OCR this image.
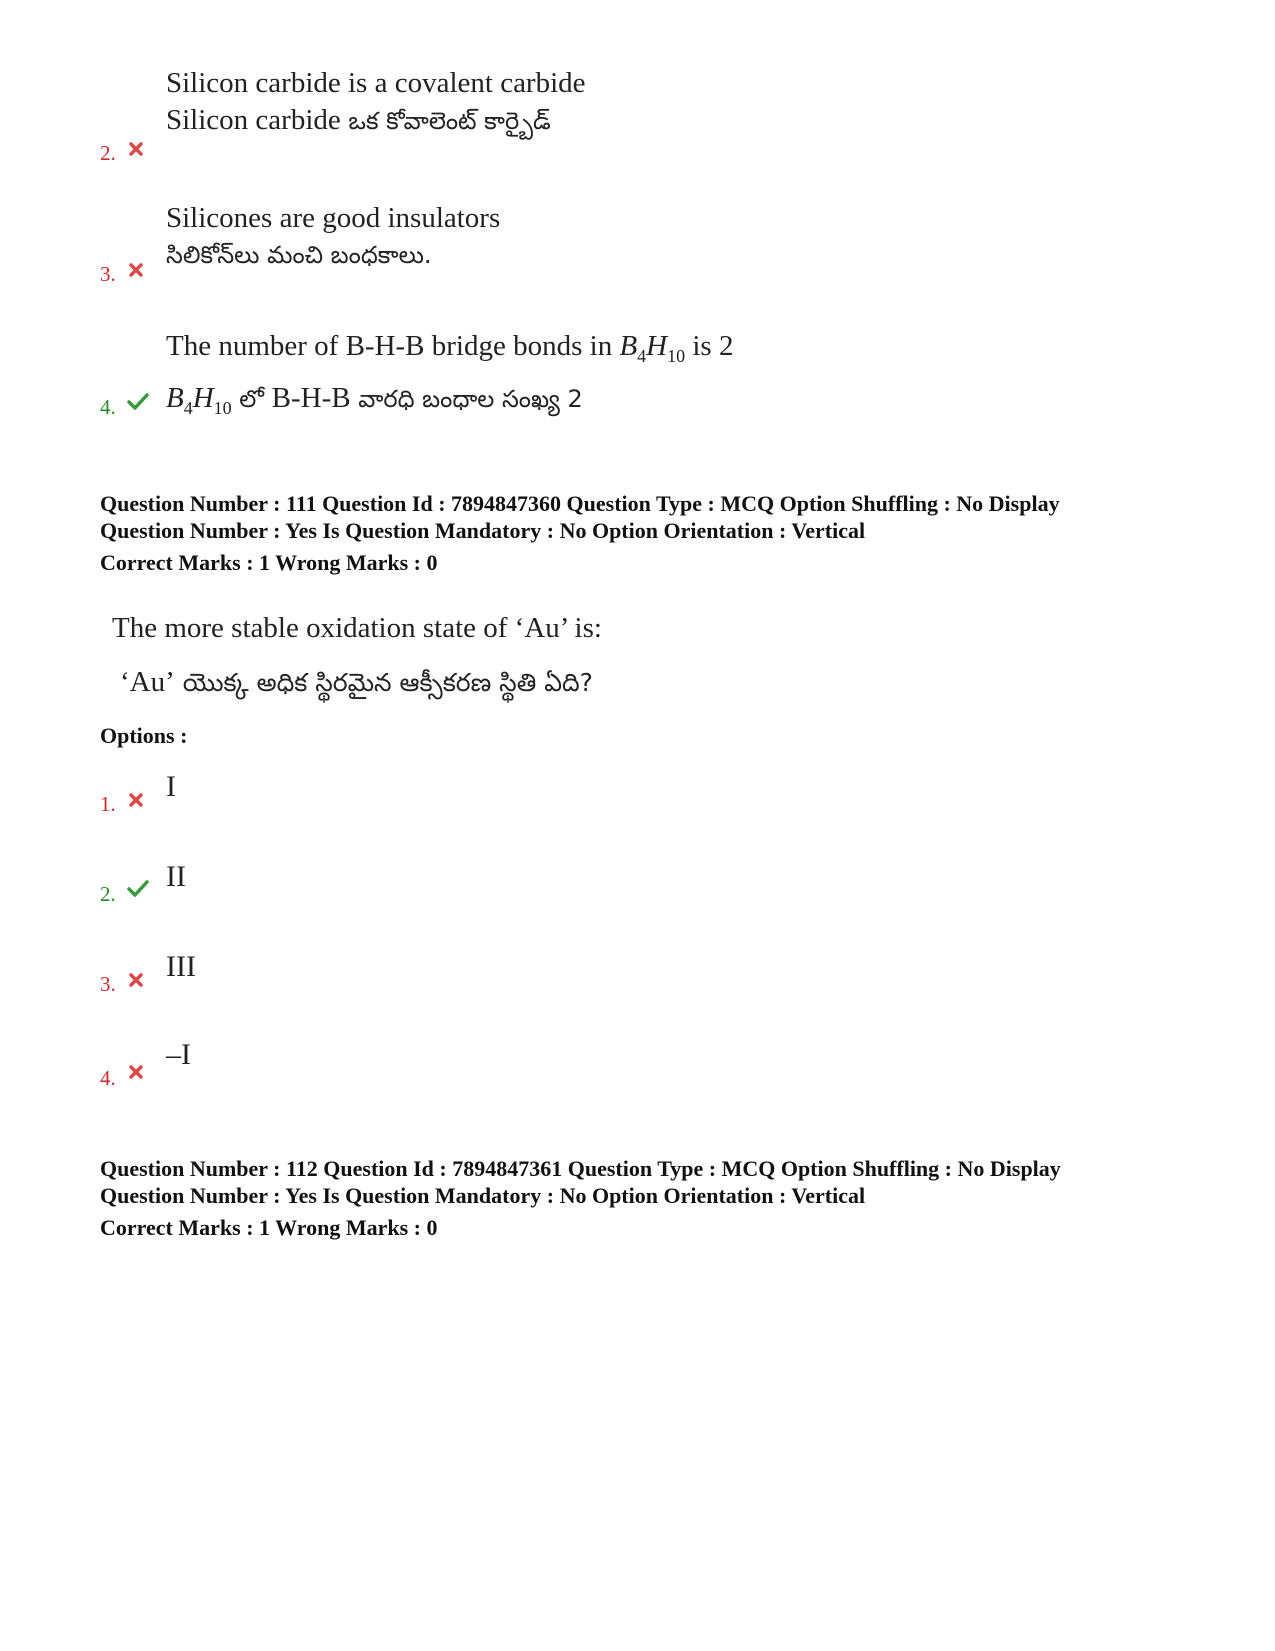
2.
Silicon carbide is a covalent carbide
Silicon carbide ఒక కోవాలెంట్ కార్బైడ్
3.
Silicones are good insulators
సిలికోన్‌లు మంచి బంధకాలు.
4.
The number of B-H-B bridge bonds in $B_4H_{10}$ is 2
$B_4H_{10}$ లో B-H-B వారధి బంధాల సంఖ్య 2
Question Number : 111 Question Id : 7894847360 Question Type : MCQ Option Shuffling : No Display
Question Number : Yes Is Question Mandatory : No Option Orientation : Vertical
Correct Marks : 1 Wrong Marks : 0
The more stable oxidation state of ‘Au’ is:
‘Au’ యొక్క అధిక స్థిరమైన ఆక్సీకరణ స్థితి ఏది?
Options :
1.
I
2.
II
3.
III
4.
–I
Question Number : 112 Question Id : 7894847361 Question Type : MCQ Option Shuffling : No Display
Question Number : Yes Is Question Mandatory : No Option Orientation : Vertical
Correct Marks : 1 Wrong Marks : 0
